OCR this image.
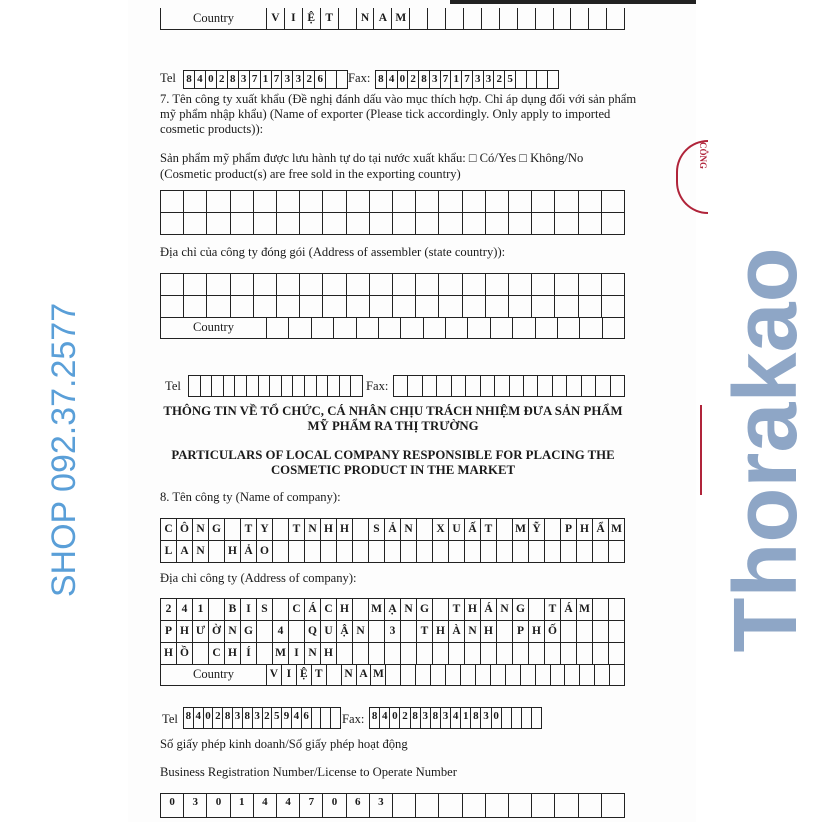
Country	V	I	Ệ T	N A M
Tel 8 4 0 2 8 3 7 1 7 3 3 2 6 Fax: 8 4 0 2 8 3 7 1 7 3 3 2 5
7. Tên công ty xuất khẩu (Đề nghị đánh dấu vào mục thích hợp. Chỉ áp dụng đối với sản phẩm mỹ phẩm nhập khẩu) (Name of exporter (Please tick accordingly. Only apply to imported cosmetic products)):
Sản phẩm mỹ phẩm được lưu hành tự do tại nước xuất khẩu: □ Có/Yes □ Không/No
(Cosmetic product(s) are free sold in the exporting country)
Địa chỉ của công ty đóng gói (Address of assembler (state country)):
Country
Tel	Fax:
THÔNG TIN VỀ TỔ CHỨC, CÁ NHÂN CHỊU TRÁCH NHIỆM ĐƯA SẢN PHẨM
MỸ PHẨM RA THỊ TRƯỜNG
PARTICULARS OF LOCAL COMPANY RESPONSIBLE FOR PLACING THE
COSMETIC PRODUCT IN THE MARKET
8. Tên công ty (Name of company):
C Ô N G	T Y	T N H H	S Ả N	X U Ấ T	M Ỹ	P H Ẩ M
L A N	H Ả O
Địa chỉ công ty (Address of company):
2 4 1	B I S	C Á C H	M Ạ N G	T H Á N G	T Á M
P H Ư Ờ N G	4	Q U Ậ N	3	T H À N H	P H Ố
H Ồ	C H Í	M I N H
Country	V I Ệ T	N A M
Tel 8 4 0 2 8 3 8 3 2 5 9 4 6	Fax: 8 4 0 2 8 3 8 3 4 1 8 3 0
Số giấy phép kinh doanh/Số giấy phép hoạt động
Business Registration Number/License to Operate Number
0	3	0	1	4	4	7	0	6	3
Thorakao
SHOP 092.37.2577
CÔNG
